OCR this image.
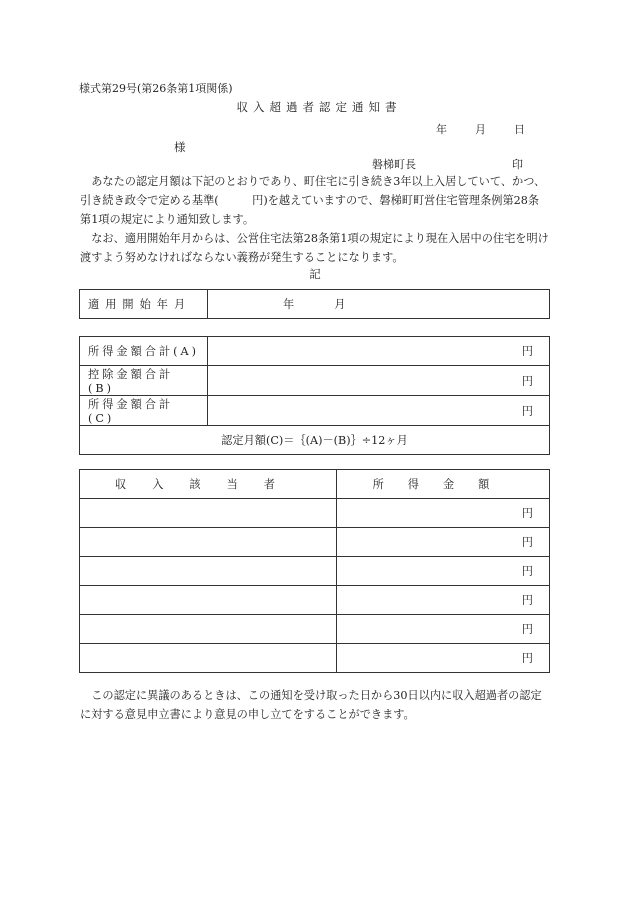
様式第29号(第26条第1項関係)
収入超過者認定通知書
年	月	日
様
磐梯町長	印
あなたの認定月額は下記のとおりであり、町住宅に引き続き3年以上入居していて、かつ、引き続き政令で定める基準(　　　円)を越えていますので、磐梯町町営住宅管理条例第28条第1項の規定により通知致します。
なお、適用開始年月からは、公営住宅法第28条第1項の規定により現在入居中の住宅を明け渡すよう努めなければならない義務が発生することになります。
記
適用開始年月	年	月
所得金額合計(A)	円
控除金額合計(B)	円
所得金額合計(C)	円
認定月額(C)＝｛(A)－(B)｝÷12ヶ月	
収入該当者	所得金額
	円
	円
	円
	円
	円
	円
この認定に異議のあるときは、この通知を受け取った日から30日以内に収入超過者の認定に対する意見申立書により意見の申し立てをすることができます。
